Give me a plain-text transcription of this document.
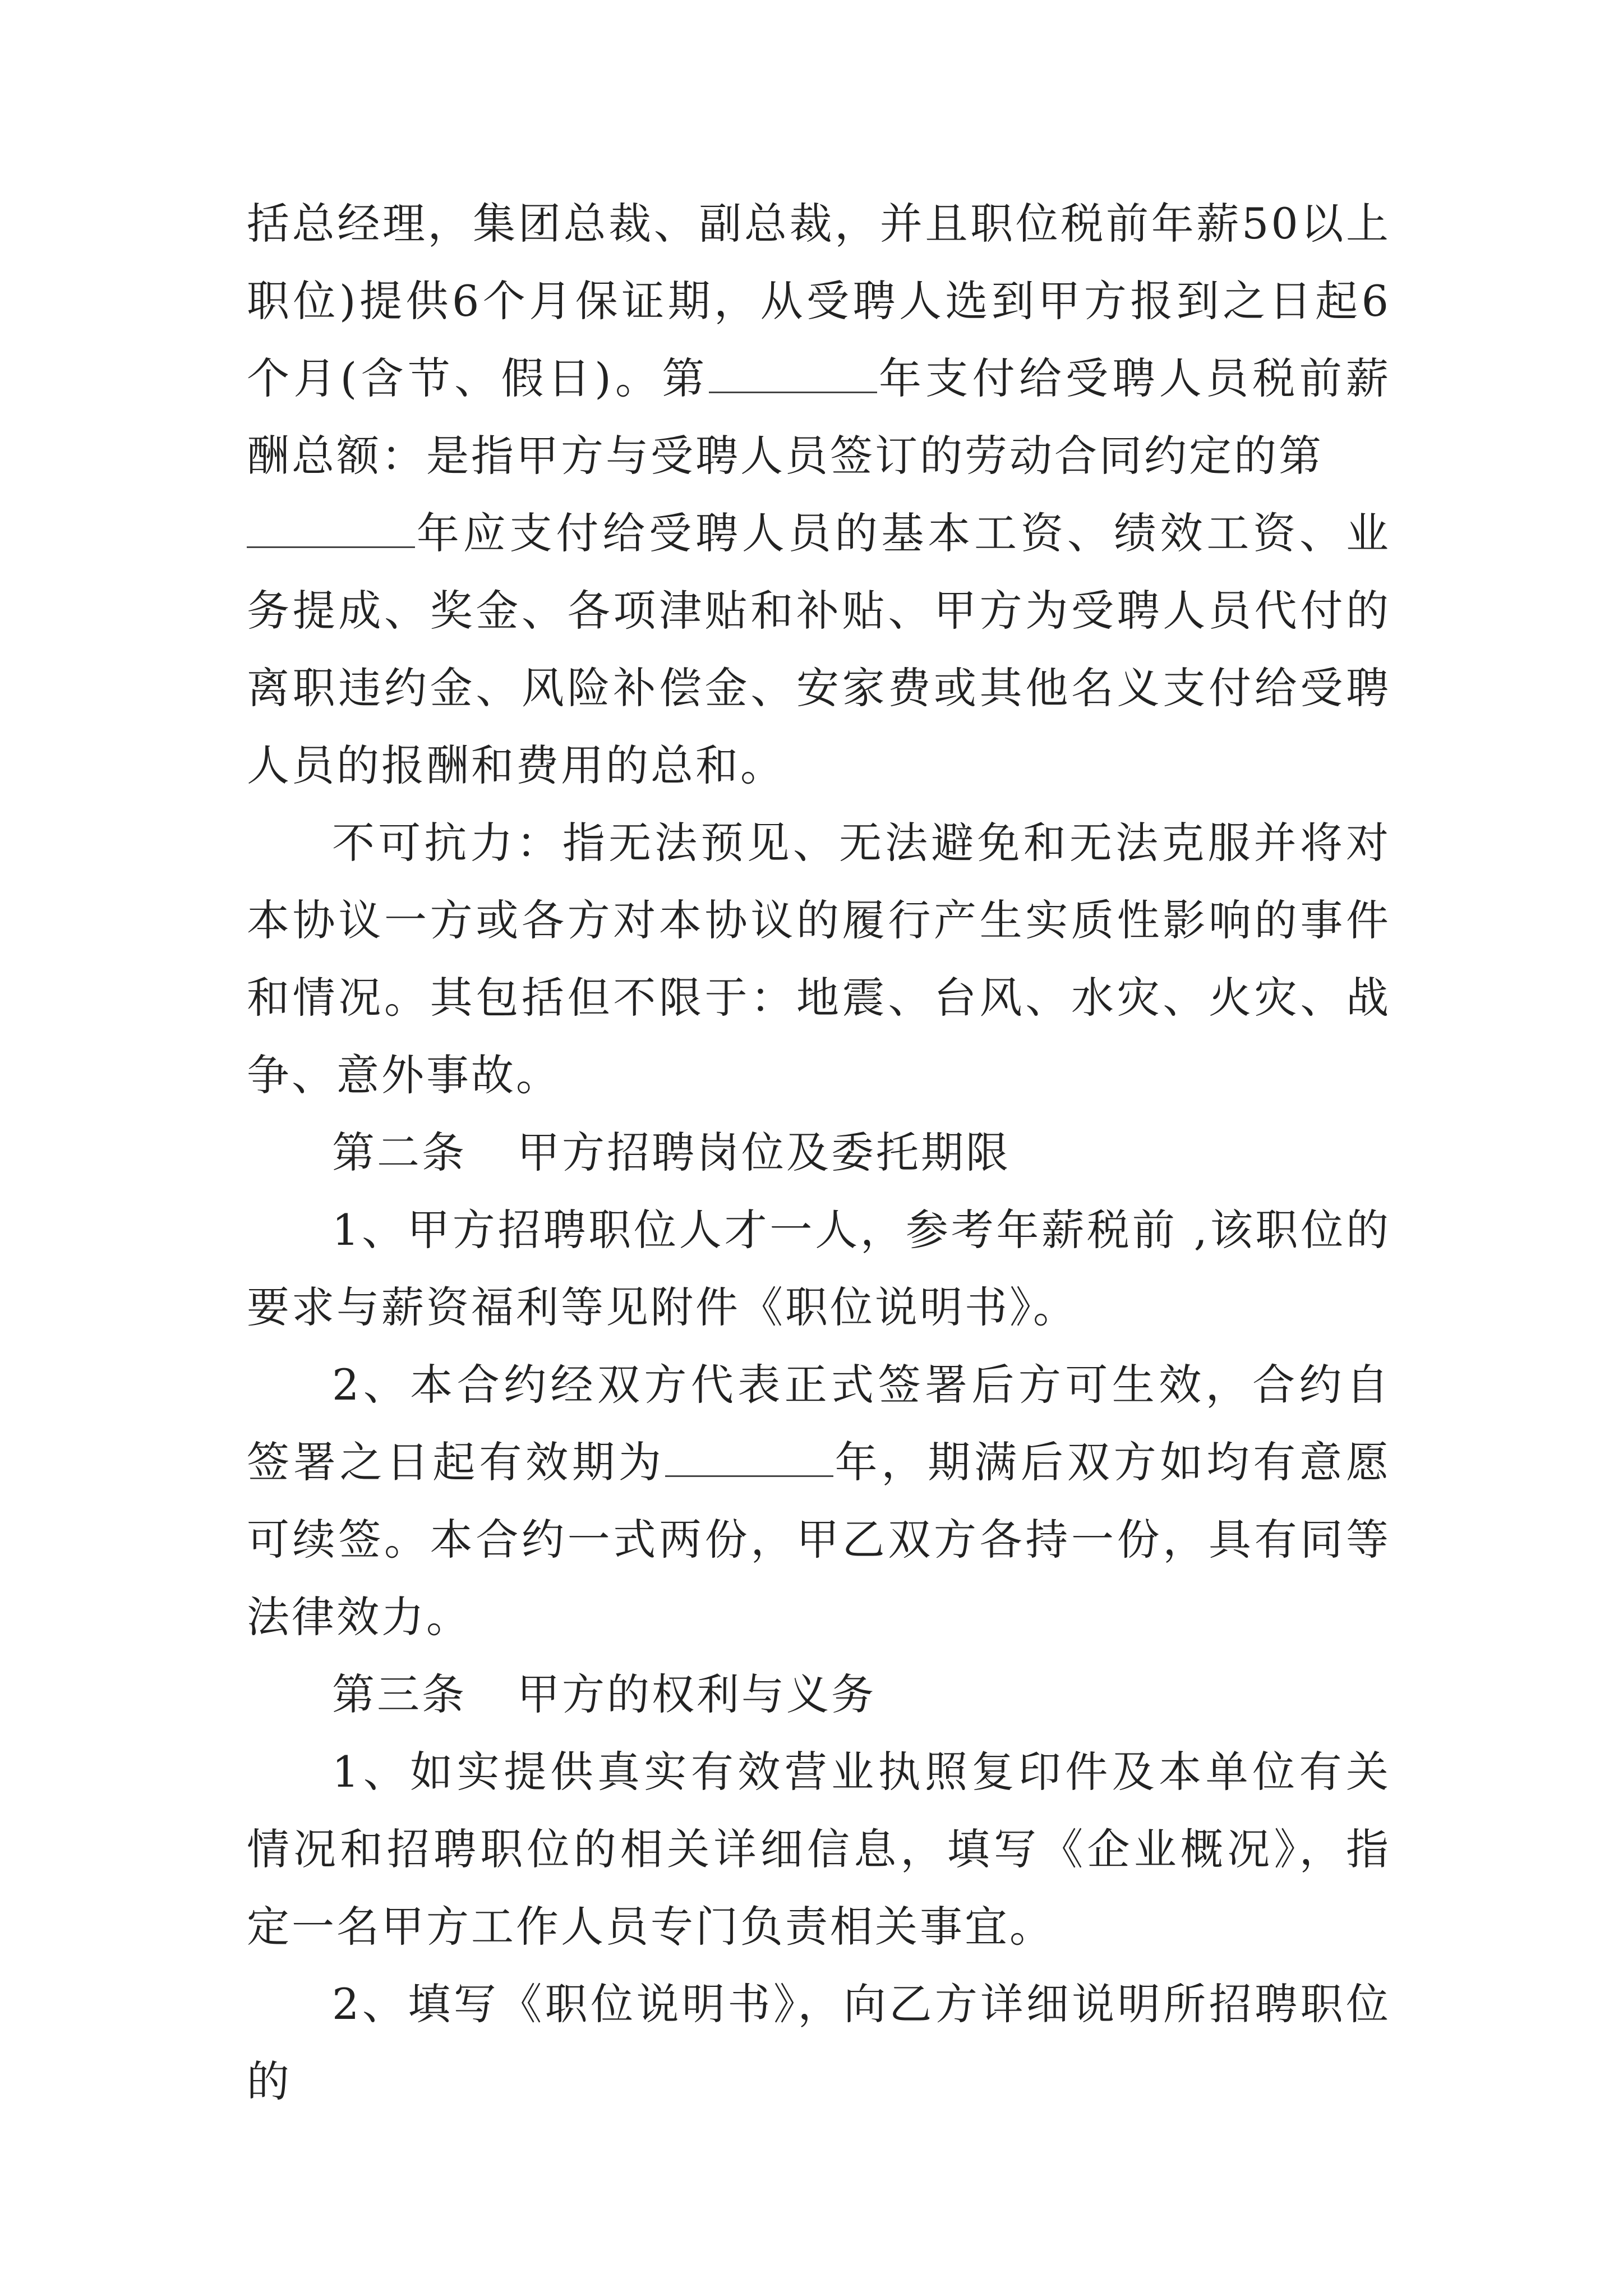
括总经理，集团总裁、副总裁，并且职位税前年薪50以上职位)提供6个月保证期，从受聘人选到甲方报到之日起6个月(含节、假日)。第	年支付给受聘人员税前薪酬总额：是指甲方与受聘人员签订的劳动合同约定的第
年应支付给受聘人员的基本工资、绩效工资、业务提成、奖金、各项津贴和补贴、甲方为受聘人员代付的离职违约金、风险补偿金、安家费或其他名义支付给受聘人员的报酬和费用的总和。

不可抗力：指无法预见、无法避免和无法克服并将对本协议一方或各方对本协议的履行产生实质性影响的事件和情况。其包括但不限于：地震、台风、水灾、火灾、战争、意外事故。

第二条 甲方招聘岗位及委托期限

1、甲方招聘职位人才一人，参考年薪税前 ,该职位的要求与薪资福利等见附件《职位说明书》。

2、本合约经双方代表正式签署后方可生效，合约自签署之日起有效期为	年，期满后双方如均有意愿可续签。本合约一式两份，甲乙双方各持一份，具有同等法律效力。

第三条 甲方的权利与义务

1、如实提供真实有效营业执照复印件及本单位有关情况和招聘职位的相关详细信息，填写《企业概况》，指定一名甲方工作人员专门负责相关事宜。

2、填写《职位说明书》，向乙方详细说明所招聘职位的
